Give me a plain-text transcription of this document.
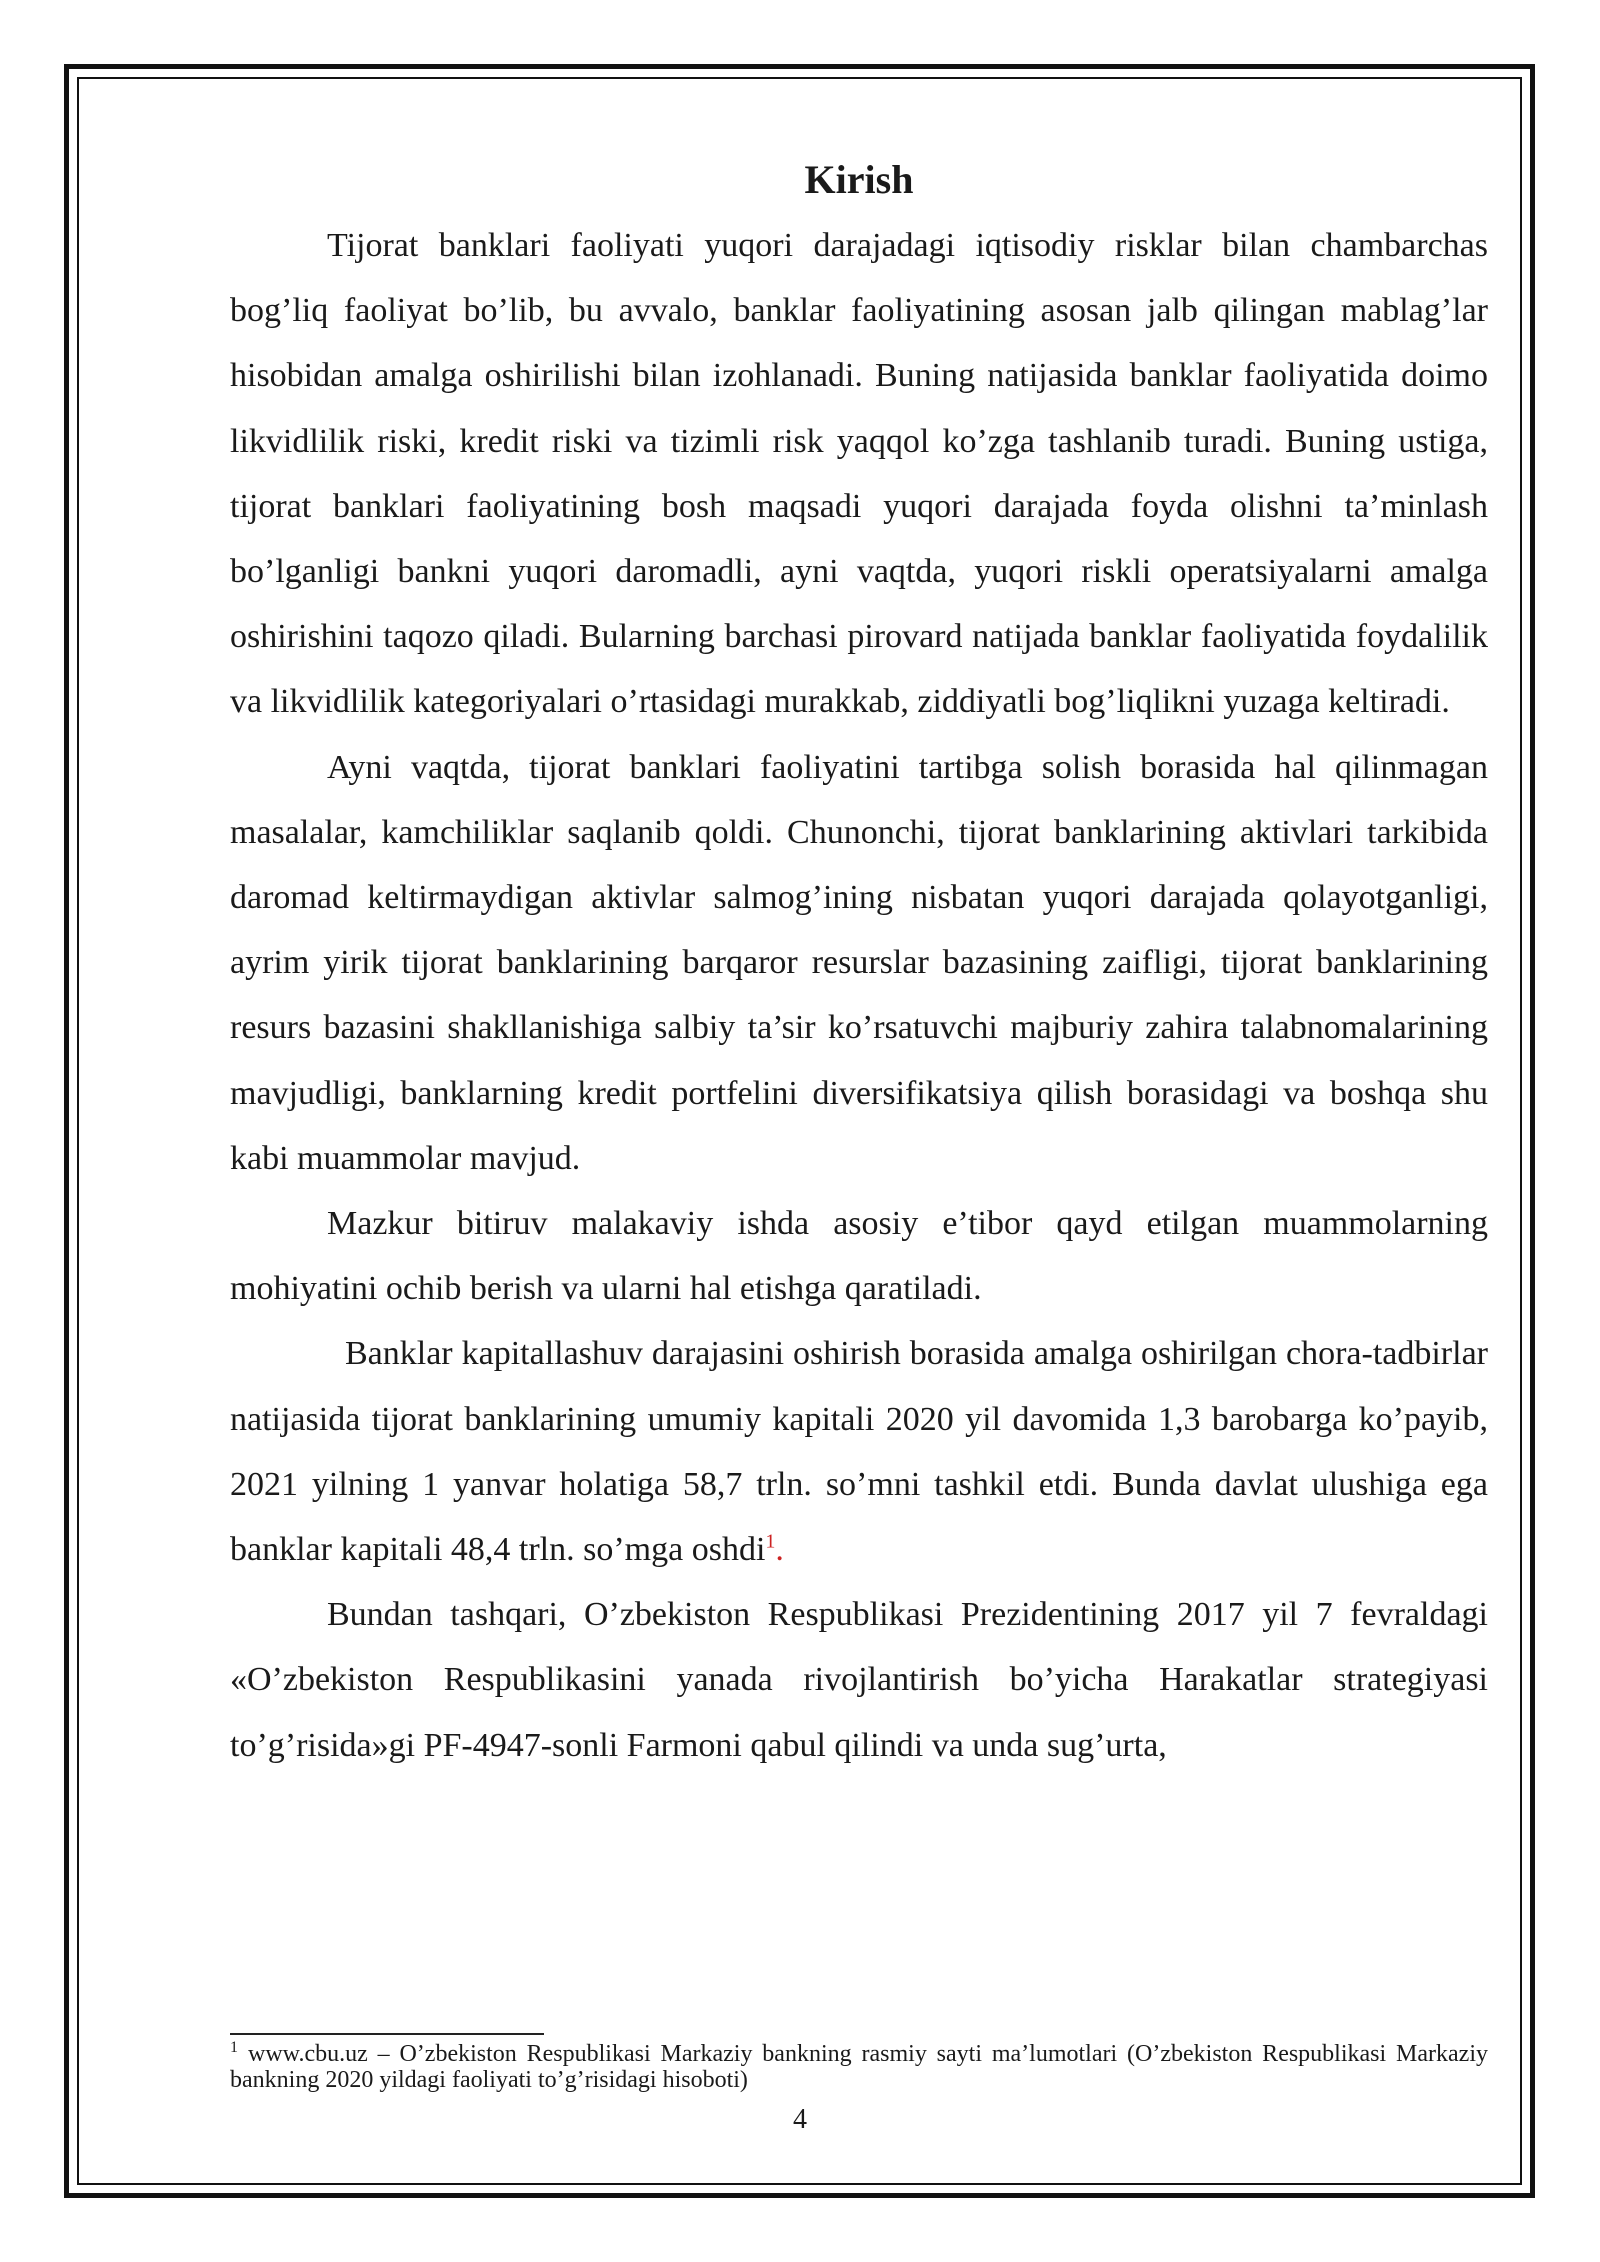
Kirish

Tijorat banklari faoliyati yuqori darajadagi iqtisodiy risklar bilan chambarchas bog’liq faoliyat bo’lib, bu avvalo, banklar faoliyatining asosan jalb qilingan mablag’lar hisobidan amalga oshirilishi bilan izohlanadi. Buning natijasida banklar faoliyatida doimo likvidlilik riski, kredit riski va tizimli risk yaqqol ko’zga tashlanib turadi. Buning ustiga, tijorat banklari faoliyatining bosh maqsadi yuqori darajada foyda olishni ta’minlash bo’lganligi bankni yuqori daromadli, ayni vaqtda, yuqori riskli operatsiyalarni amalga oshirishini taqozo qiladi. Bularning barchasi pirovard natijada banklar faoliyatida foydalilik va likvidlilik kategoriyalari o’rtasidagi murakkab, ziddiyatli bog’liqlikni yuzaga keltiradi.

Ayni vaqtda, tijorat banklari faoliyatini tartibga solish borasida hal qilinmagan masalalar, kamchiliklar saqlanib qoldi. Chunonchi, tijorat banklarining aktivlari tarkibida daromad keltirmaydigan aktivlar salmog’ining nisbatan yuqori darajada qolayotganligi, ayrim yirik tijorat banklarining barqaror resurslar bazasining zaifligi, tijorat banklarining resurs bazasini shakllanishiga salbiy ta’sir ko’rsatuvchi majburiy zahira talabnomalarining mavjudligi, banklarning kredit portfelini diversifikatsiya qilish borasidagi va boshqa shu kabi muammolar mavjud.

Mazkur bitiruv malakaviy ishda asosiy e’tibor qayd etilgan muammolarning mohiyatini ochib berish va ularni hal etishga qaratiladi.

Banklar kapitallashuv darajasini oshirish borasida amalga oshirilgan chora-tadbirlar natijasida tijorat banklarining umumiy kapitali 2020 yil davomida 1,3 barobarga ko’payib, 2021 yilning 1 yanvar holatiga 58,7 trln. so’mni tashkil etdi. Bunda davlat ulushiga ega banklar kapitali 48,4 trln. so’mga oshdi$^1$.

Bundan tashqari, O’zbekiston Respublikasi Prezidentining 2017 yil 7 fevraldagi «O’zbekiston Respublikasini yanada rivojlantirish bo’yicha Harakatlar strategiyasi to’g’risida»gi PF-4947-sonli Farmoni qabul qilindi va unda sug’urta,

$^1$ www.cbu.uz – O’zbekiston Respublikasi Markaziy bankning rasmiy sayti ma’lumotlari (O’zbekiston Respublikasi Markaziy bankning 2020 yildagi faoliyati to’g’risidagi hisoboti)

4
